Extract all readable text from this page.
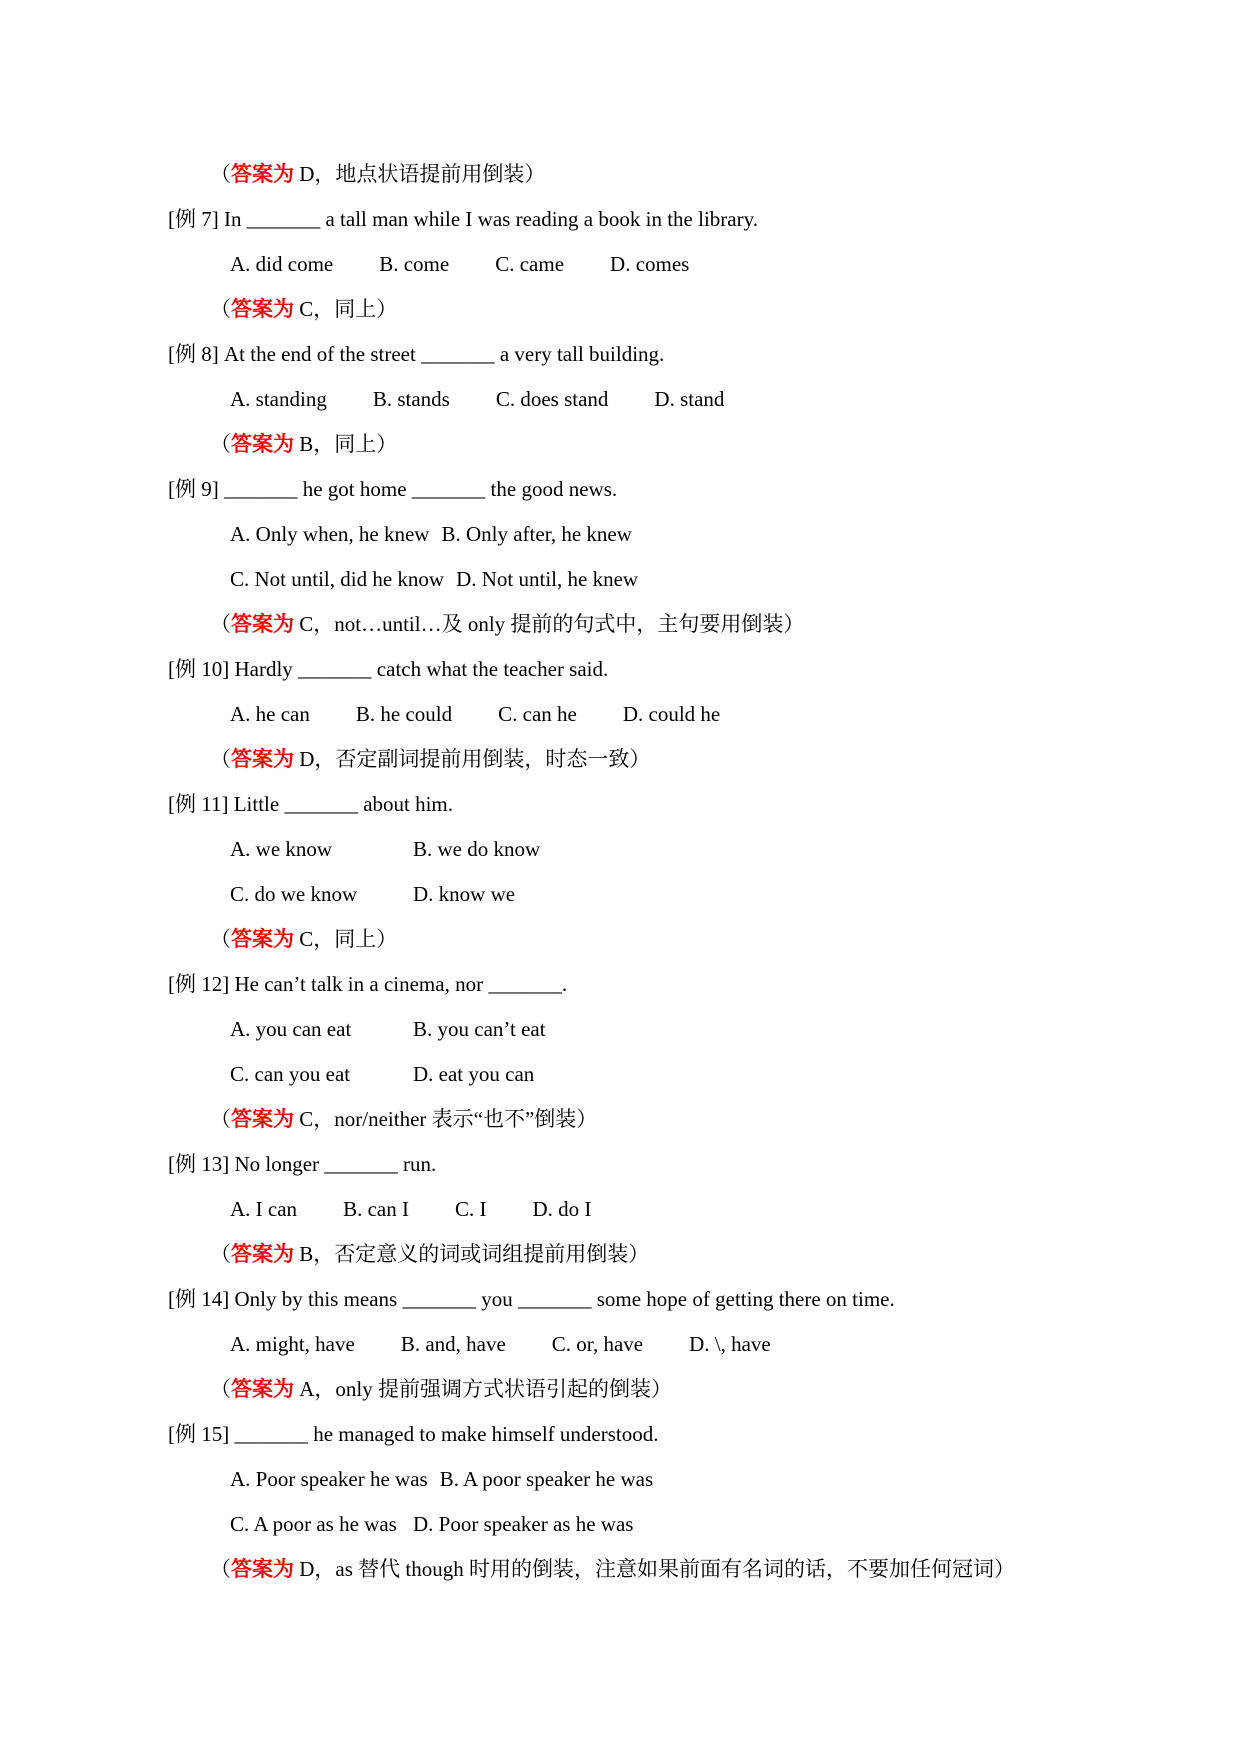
（答案为 D，地点状语提前用倒装）

[例 7] In _______ a tall man while I was reading a book in the library.

A. did come B. come C. came D. comes

（答案为 C，同上）

[例 8] At the end of the street _______ a very tall building.

A. standing B. stands C. does stand D. stand

（答案为 B，同上）

[例 9] _______ he got home _______ the good news.

A. Only when, he knew B. Only after, he knew

C. Not until, did he know D. Not until, he knew

（答案为 C，not…until…及 only 提前的句式中，主句要用倒装）

[例 10] Hardly _______ catch what the teacher said.

A. he can B. he could C. can he D. could he

（答案为 D，否定副词提前用倒装，时态一致）

[例 11] Little _______ about him.

A. we know	B. we do know

C. do we know	D. know we

（答案为 C，同上）

[例 12] He can’t talk in a cinema, nor _______.

A. you can eat	B. you can’t eat

C. can you eat	D. eat you can

（答案为 C，nor/neither 表示“也不”倒装）

[例 13] No longer _______ run.

A. I can B. can I C. I D. do I

（答案为 B，否定意义的词或词组提前用倒装）

[例 14] Only by this means _______ you _______ some hope of getting there on time.

A. might, have B. and, have C. or, have D. \, have

（答案为 A，only 提前强调方式状语引起的倒装）

[例 15] _______ he managed to make himself understood.

A. Poor speaker he was B. A poor speaker he was

C. A poor as he was D. Poor speaker as he was

（答案为 D，as 替代 though 时用的倒装，注意如果前面有名词的话，不要加任何冠词）
